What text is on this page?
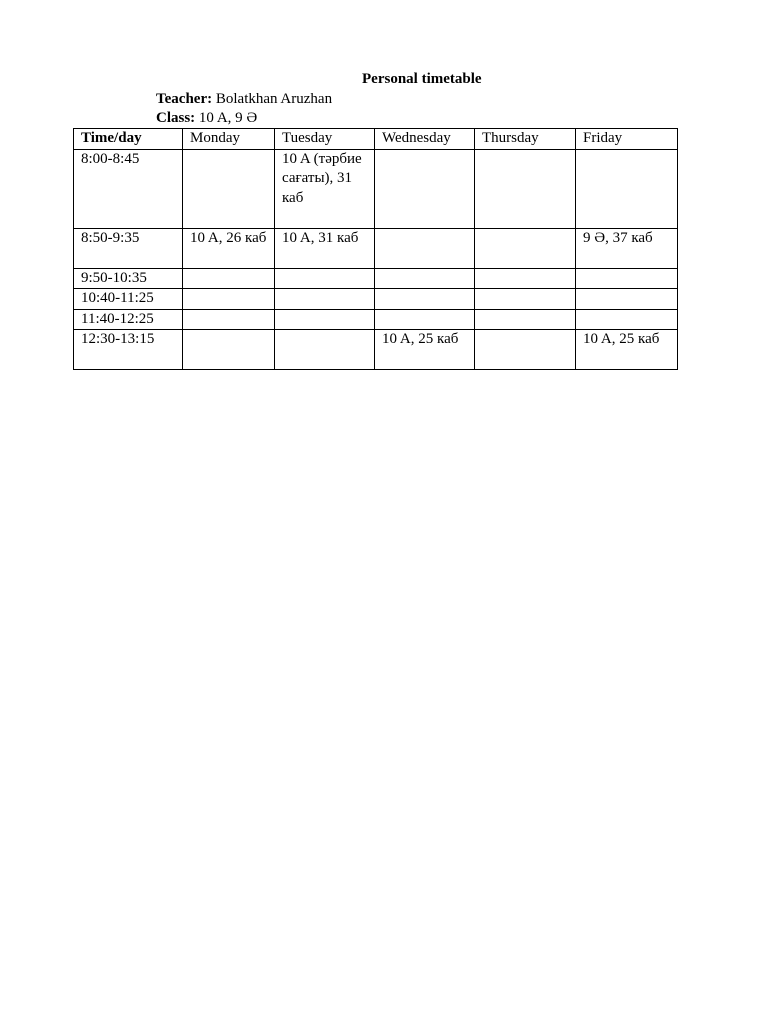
Personal timetable
Teacher: Bolatkhan Aruzhan
Class: 10 A, 9 Ә
Time/day	Monday	Tuesday	Wednesday	Thursday	Friday
8:00-8:45		10 A (тәрбие сағаты), 31 каб			
8:50-9:35	10 A, 26 каб	10 A, 31 каб			9 Ә, 37 каб
9:50-10:35					
10:40-11:25					
11:40-12:25					
12:30-13:15			10 A, 25 каб		10 A, 25 каб
